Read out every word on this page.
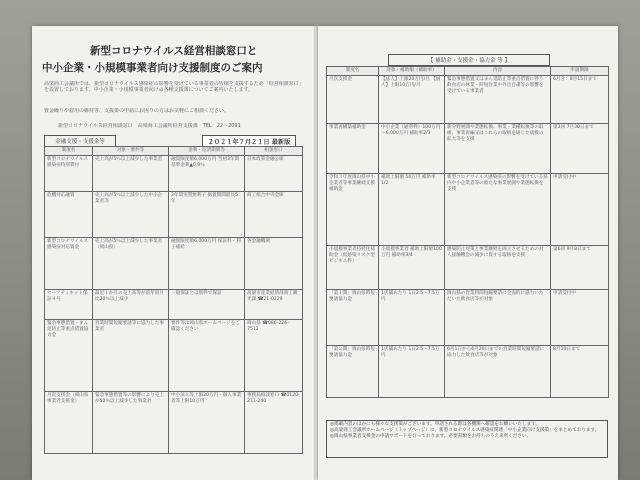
新型コロナウイルス経営相談窓口と
中小企業・小規模事業者向け支援制度のご案内
高梁商工会議所では、新型コロナウイルス感染症の影響を受けている事業者の皆様を支援するため「経営相談窓口」を設置しております。中小企業・小規模事業者向けの各種支援策についてご案内いたします。
資金繰りや雇用の維持等、支援策の申請にお困りの方はお気軽にご相談ください。
新型コロナウイルス経営相談窓口　高梁商工会議所経営支援課　TEL：22－2091
金融支援・支援金等	２０２１年７月２１日 最新版
制度名	対象・要件等	金利・返済期間等	相談窓口
新型コロナウイルス感染症特別貸付	売上高が5％以上減少した事業者	融資限度額6,000万円 当初3年間基準金利▲0.9％	日本政策金融公庫
危機対応融資	売上高が5％以上減少した中小企業者等	3年間実質無利子 据置期間最長5年	商工組合中央金庫
新型コロナウイルス感染症対応資金	売上高が5％以上減少した事業者（岡山県）	融資限度額6,000万円 保証料・利子補給	各金融機関
セーフティネット保証４号	最近１か月の売上高等が前年同月比20％以上減少	一般保証とは別枠で保証	高梁市産業経済部商工観光課 ☎21-0229
緊急事態措置・まん延防止等重点措置協力金	営業時間短縮要請等に協力した事業者	要件等は岡山県ホームページをご確認ください	岡山県 ☎086-226-7512
月次支援金（岡山県事業者支援金）	緊急事態措置等の影響により売上が50％以上減少した事業者	中小法人等上限20万円・個人事業者等上限10万円	事務局相談窓口 ☎0120-211-240
【 補助金・支援金・協力金 等 】
制度名	対象・補助額（補助率）	内容	申請期限
月次支援金	【法人】上限20万円/月 【個人】上限10万円/月	緊急事態措置又はまん延防止等重点措置に伴う飲食店の休業・時短営業や外出自粛等の影響を受けている事業者	6月分：8月15日まで
事業再構築補助金	中小企業（通常枠）100万円～6,000万円 補助率2/3	新分野展開や業態転換、事業・業種転換等の取組、事業再編又はこれらの取組を通じた規模の拡大等を支援	第3回 7月30日まで
令和３年度岡山県中小企業者等事業継続支援補助金	補助上限額 50万円 補助率1/2	新型コロナウイルス感染症の影響を受けている県内中小企業者等の新たな事業展開や業態転換を支援	申請受付中
小規模事業者持続化補助金（低感染リスク型ビジネス枠）	小規模事業者 補助上限額100万円 補助率3/4	感染防止対策と事業継続を両立させるための対人接触機会の減少に資する取組を支援	第6回 9月8日まで
「第１期」岡山県時短要請協力金	1店舗あたり 1日2.5～7.5万円	岡山県の営業時間短縮要請に全面的に協力いただいた飲食店等が対象	申請受付中
「第２期」岡山県時短要請協力金	1店舗あたり 1日2.5～7.5万円	6月1日から6月20日までの営業時間短縮要請に協力した飲食店等が対象	8月10日まで
◎掲載内容のほかにも様々な支援策がございます。申請される際は各機関へ確認をお願いいたします。
◎高梁商工会議所ホームページ（トップページ）に、新型コロナウイルス感染症関連「中小企業向け支援策」をまとめております。
◎岡山県事業者支援金の申請サポートを行っております。必要書類をお持ちのうえ来所ください。
